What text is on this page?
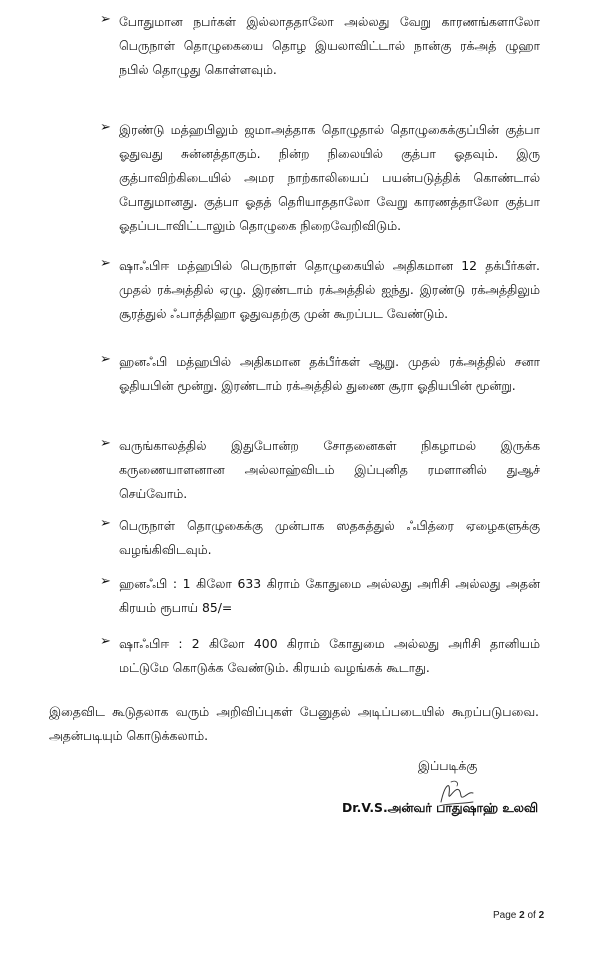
➢ போதுமான நபர்கள் இல்லாததாலோ அல்லது வேறு காரணங்களாலோ பெருநாள் தொழுகையை தொழ இயலாவிட்டால் நான்கு ரக்அத் ழுஹா நபில் தொழுது கொள்ளவும்.
➢ இரண்டு மத்ஹபிலும் ஜமாஅத்தாக தொழுதால் தொழுகைக்குப்பின் குத்பா ஓதுவது சுன்னத்தாகும். நின்ற நிலையில் குத்பா ஓதவும். இரு குத்பாவிற்கிடையில் அமர நாற்காலியைப் பயன்படுத்திக் கொண்டால் போதுமானது. குத்பா ஓதத் தெரியாததாலோ வேறு காரணத்தாலோ குத்பா ஓதப்படாவிட்டாலும் தொழுகை நிறைவேறிவிடும்.
➢ ஷாஃபிஈ மத்ஹபில் பெருநாள் தொழுகையில் அதிகமான 12 தக்பீர்கள். முதல் ரக்அத்தில் ஏழு. இரண்டாம் ரக்அத்தில் ஐந்து. இரண்டு ரக்அத்திலும் சூரத்துல் ஃபாத்திஹா ஓதுவதற்கு முன் கூறப்பட வேண்டும்.
➢ ஹனஃபி மத்ஹபில் அதிகமான தக்பீர்கள் ஆறு. முதல் ரக்அத்தில் சனா ஓதியபின் மூன்று. இரண்டாம் ரக்அத்தில் துணை சூரா ஓதியபின் மூன்று.
➢ வருங்காலத்தில் இதுபோன்ற சோதனைகள் நிகழாமல் இருக்க கருணையாளனான அல்லாஹ்விடம் இப்புனித ரமளானில் துஆச் செய்வோம்.
➢ பெருநாள் தொழுகைக்கு முன்பாக ஸதகத்துல் ஃபித்ரை ஏழைகளுக்கு வழங்கிவிடவும்.
➢ ஹனஃபி : 1 கிலோ 633 கிராம் கோதுமை அல்லது அரிசி அல்லது அதன் கிரயம் ரூபாய் 85/=
➢ ஷாஃபிஈ : 2 கிலோ 400 கிராம் கோதுமை அல்லது அரிசி தானியம் மட்டுமே கொடுக்க வேண்டும். கிரயம் வழங்கக் கூடாது.
இதைவிட கூடுதலாக வரும் அறிவிப்புகள் பேனுதல் அடிப்படையில் கூறப்படுபவை. அதன்படியும் கொடுக்கலாம்.
இப்படிக்கு
Dr.V.S.அன்வர் பாதுஷாஹ் உலவி
Page 2 of 2
